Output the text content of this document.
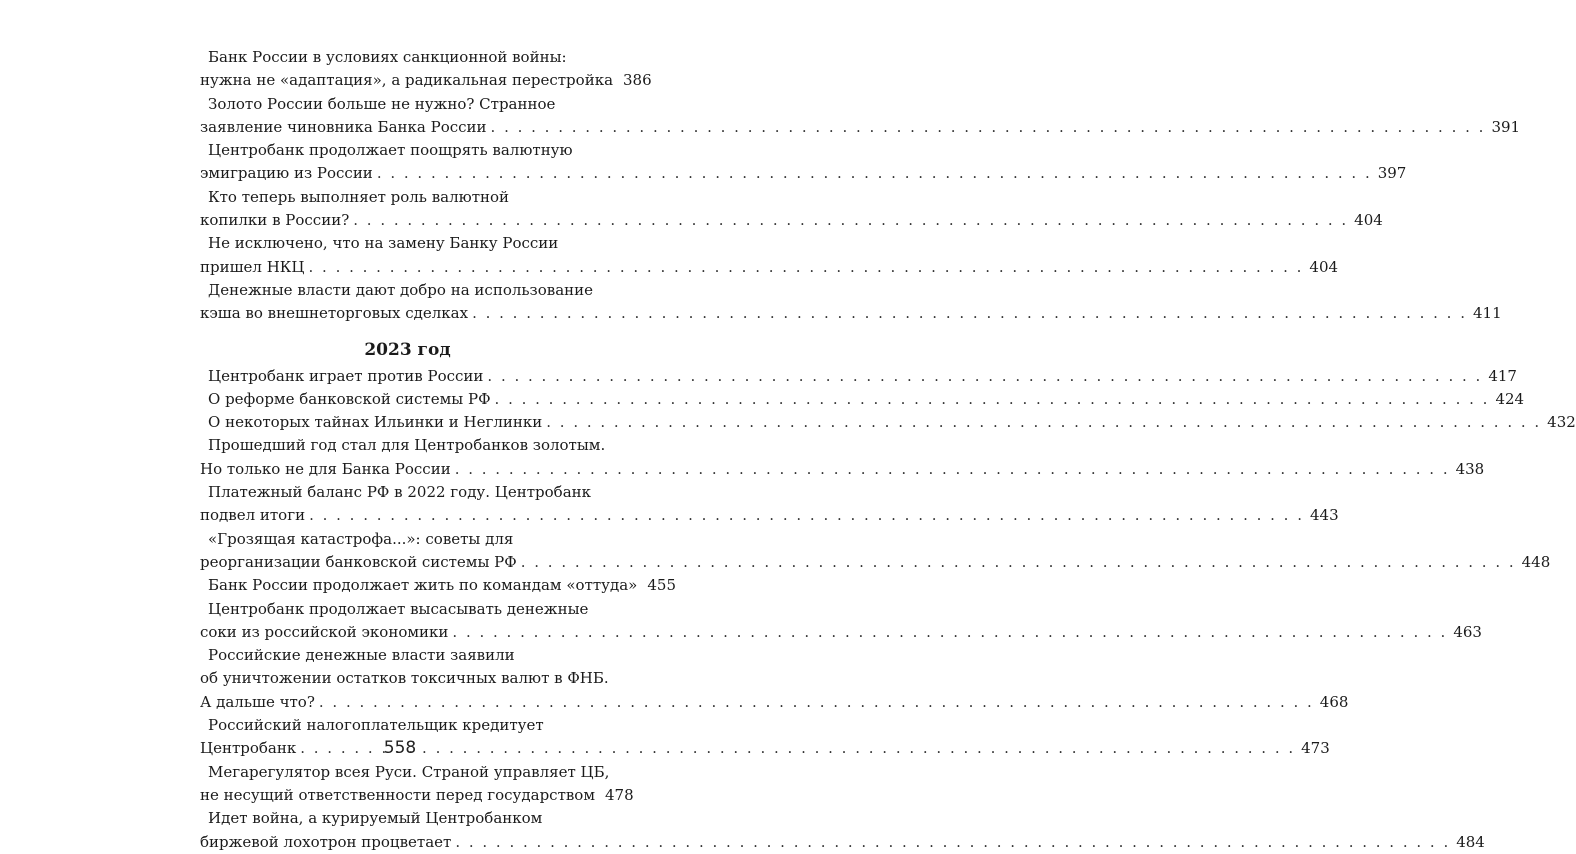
Банк России в условиях санкционной войны:
нужна не «адаптация», а радикальная перестройка 386
Золото России больше не нужно? Странное
заявление чиновника Банка России . . .	391
Центробанк продолжает поощрять валютную
эмиграцию из России . . .	397
Кто теперь выполняет роль валютной
копилки в России? . . .	404
Не исключено, что на замену Банку России
пришел НКЦ . . .	404
Денежные власти дают добро на использование
кэша во внешнеторговых сделках . . .	411
2023 год
Центробанк играет против России . . .	417
О реформе банковской системы РФ . . .	424
О некоторых тайнах Ильинки и Неглинки . . .	432
Прошедший год стал для Центробанков золотым.
Но только не для Банка России . . .	438
Платежный баланс РФ в 2022 году. Центробанк
подвел итоги . . .	443
«Грозящая катастрофа...»: советы для
реорганизации банковской системы РФ . . .	448
Банк России продолжает жить по командам «оттуда» 455
Центробанк продолжает высасывать денежные
соки из российской экономики . . .	463
Российские денежные власти заявили
об уничтожении остатков токсичных валют в ФНБ.
А дальше что? . . .	468
Российский налогоплательщик кредитует
Центробанк . . .	473
Мегарегулятор всея Руси. Страной управляет ЦБ,
не несущий ответственности перед государством 478
Идет война, а курируемый Центробанком
биржевой лохотрон процветает . . .	484
558
